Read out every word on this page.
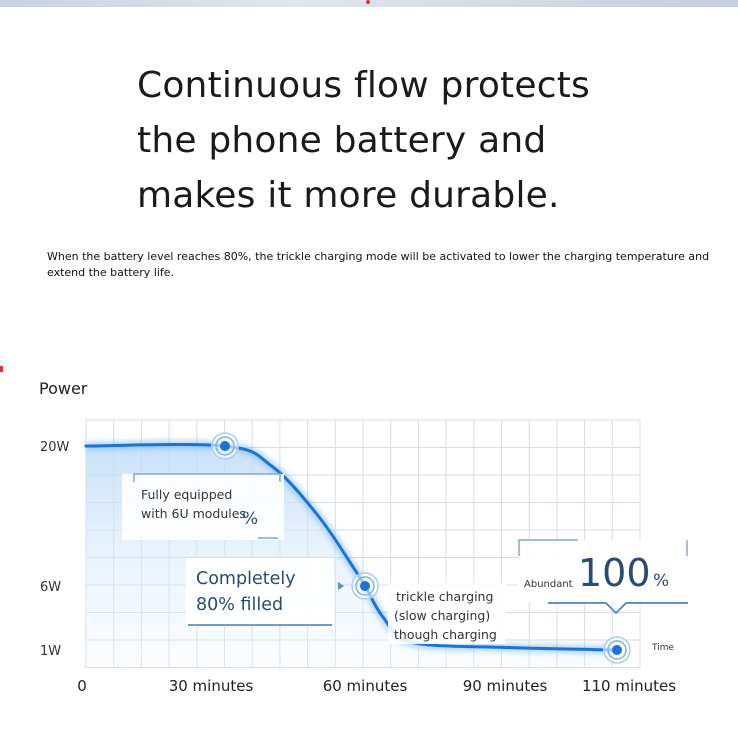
Continuous flow protects
the phone battery and
makes it more durable.

When the battery level reaches 80%, the trickle charging mode will be activated to lower the charging temperature and extend the battery life.

Power
20W
6W
1W
0	30 minutes	60 minutes	90 minutes 110 minutes
Time
Fully equipped
with 6U modules
%
Completely
80% filled	trickle charging
(slow charging)
though charging
Abundant 100 %
